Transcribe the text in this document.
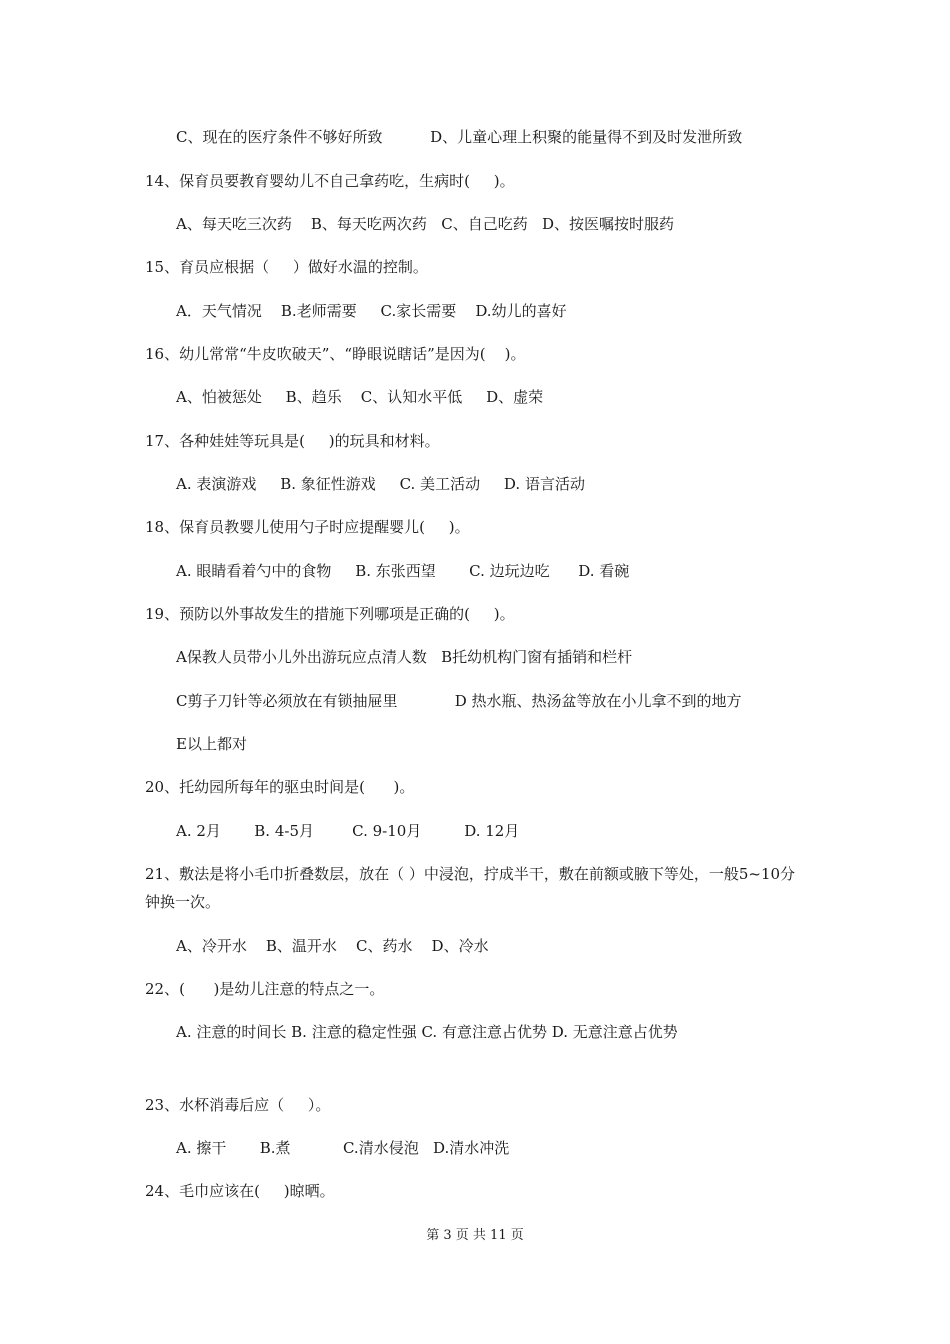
C、现在的医疗条件不够好所致          D、儿童心理上积聚的能量得不到及时发泄所致
14、保育员要教育婴幼儿不自己拿药吃，生病时(     )。
A、每天吃三次药    B、每天吃两次药   C、自己吃药   D、按医嘱按时服药
15、育员应根据（     ）做好水温的控制。
A．天气情况    B.老师需要     C.家长需要    D.幼儿的喜好
16、幼儿常常“牛皮吹破天”、“睁眼说瞎话”是因为(    )。
A、怕被惩处     B、趋乐    C、认知水平低     D、虚荣
17、各种娃娃等玩具是(     )的玩具和材料。
A. 表演游戏     B. 象征性游戏     C. 美工活动     D. 语言活动
18、保育员教婴儿使用勺子时应提醒婴儿(     )。
A. 眼睛看着勺中的食物     B. 东张西望       C. 边玩边吃      D. 看碗
19、预防以外事故发生的措施下列哪项是正确的(     )。
A保教人员带小儿外出游玩应点清人数   B托幼机构门窗有插销和栏杆
C剪子刀针等必须放在有锁抽屉里            D 热水瓶、热汤盆等放在小儿拿不到的地方
E以上都对
20、托幼园所每年的驱虫时间是(      )。
A. 2月       B. 4-5月        C. 9-10月         D. 12月
21、敷法是将小毛巾折叠数层，放在（ ）中浸泡，拧成半干，敷在前额或腋下等处，一般5~10分钟换一次。
A、冷开水    B、温开水    C、药水    D、冷水
22、(      )是幼儿注意的特点之一。
A. 注意的时间长 B. 注意的稳定性强 C. 有意注意占优势 D. 无意注意占优势
23、水杯消毒后应（     ）。
A. 擦干       B.煮           C.清水侵泡   D.清水冲洗
24、毛巾应该在(     )晾晒。
第 3 页 共 11 页
